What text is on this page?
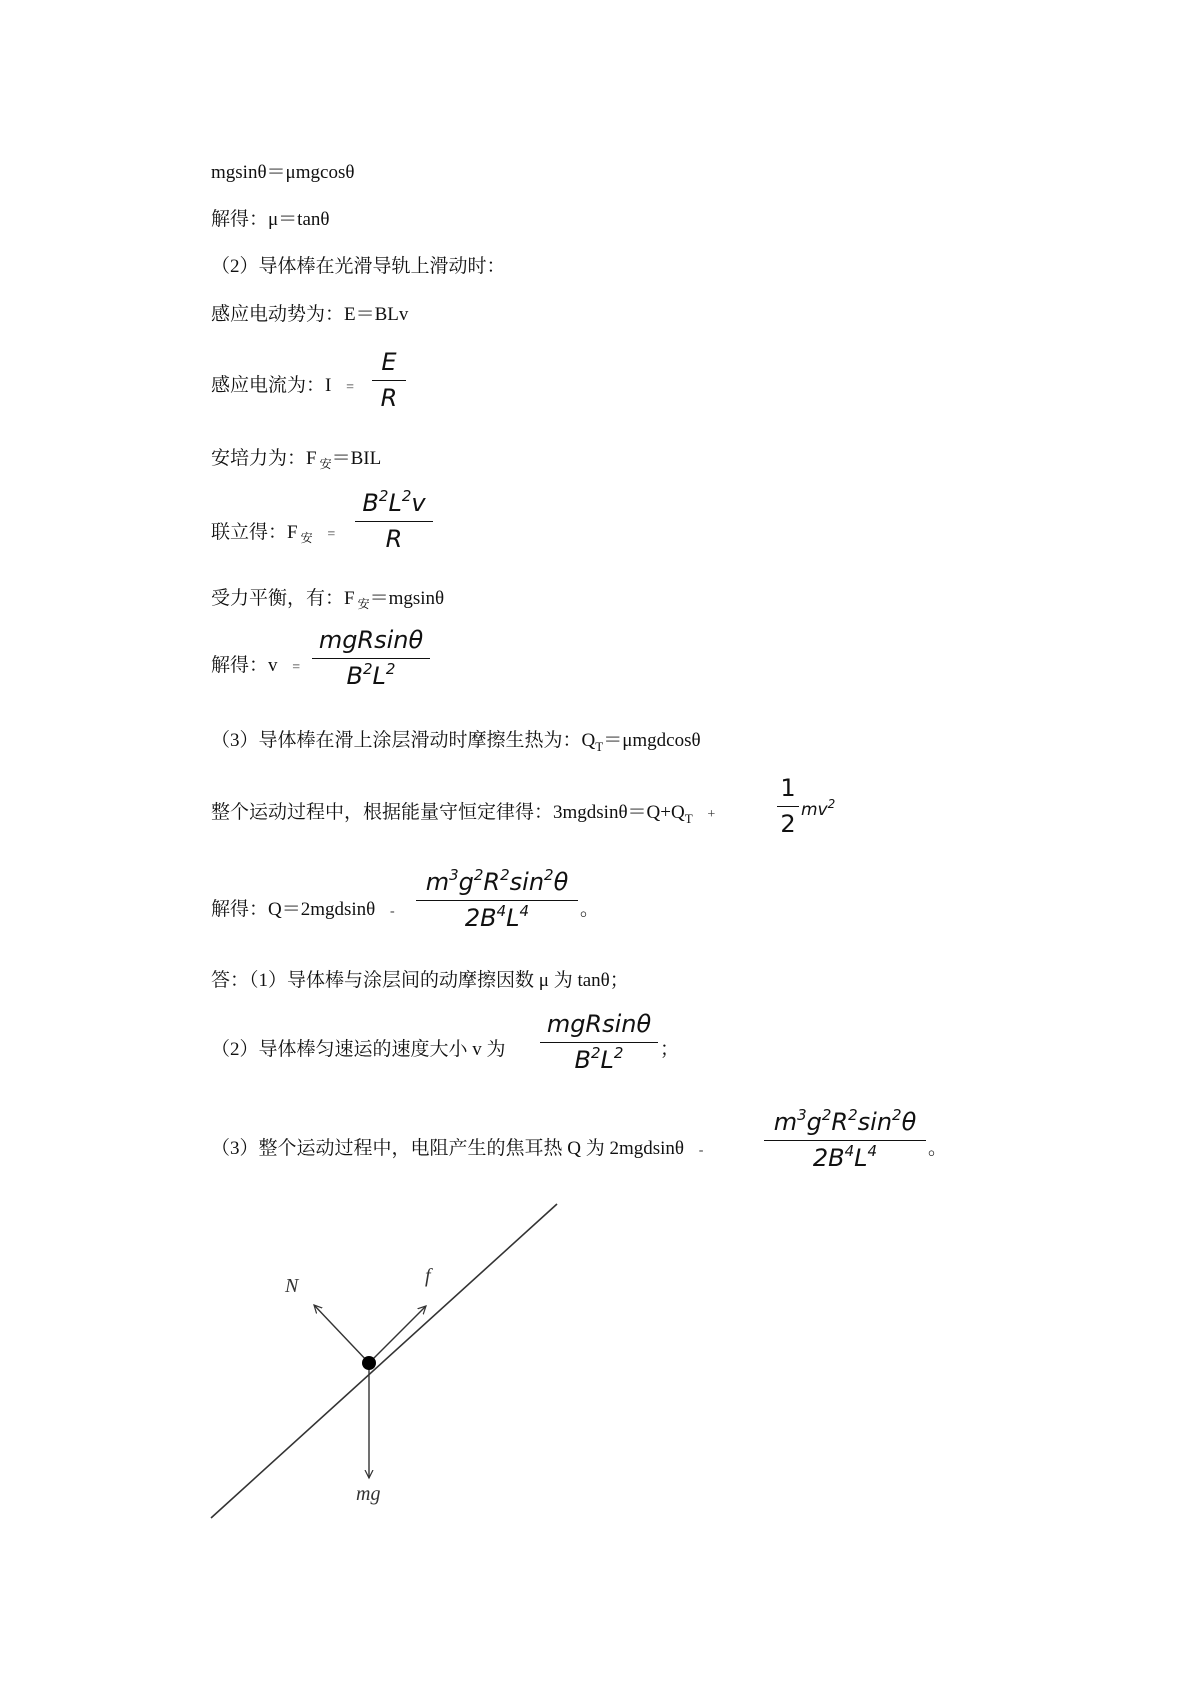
mgsinθ＝μmgcosθ
解得：μ＝tanθ
（2）导体棒在光滑导轨上滑动时：
感应电动势为：E＝BLv
感应电流为：I =
E
R
安培力为：F $_安$＝BIL
联立得：F $_安$ =
$B^2L^2v$
R
受力平衡，有：F $_安$＝mgsinθ
解得：v =
mgRsinθ
$B^2L^2$
（3）导体棒在滑上涂层滑动时摩擦生热为：$Q_T=\mu mgdcos\theta$
整个运动过程中，根据能量守恒定律得：$3mgdsin\theta=Q+Q_T$ +
1
2 $mv^2$
解得：Q＝2mgdsinθ -
$m^3g^2R^2\sin^2\theta$
$2B^4L^4$	。
答：（1）导体棒与涂层间的动摩擦因数 μ 为 tanθ；
（2）导体棒匀速运的速度大小 v 为
mgRsinθ
$B^2L^2$	；
（3）整个运动过程中，电阻产生的焦耳热 Q 为 2mgdsinθ -
$m^3g^2R^2\sin^2\theta$
$2B^4L^4$	。
N	f
mg
